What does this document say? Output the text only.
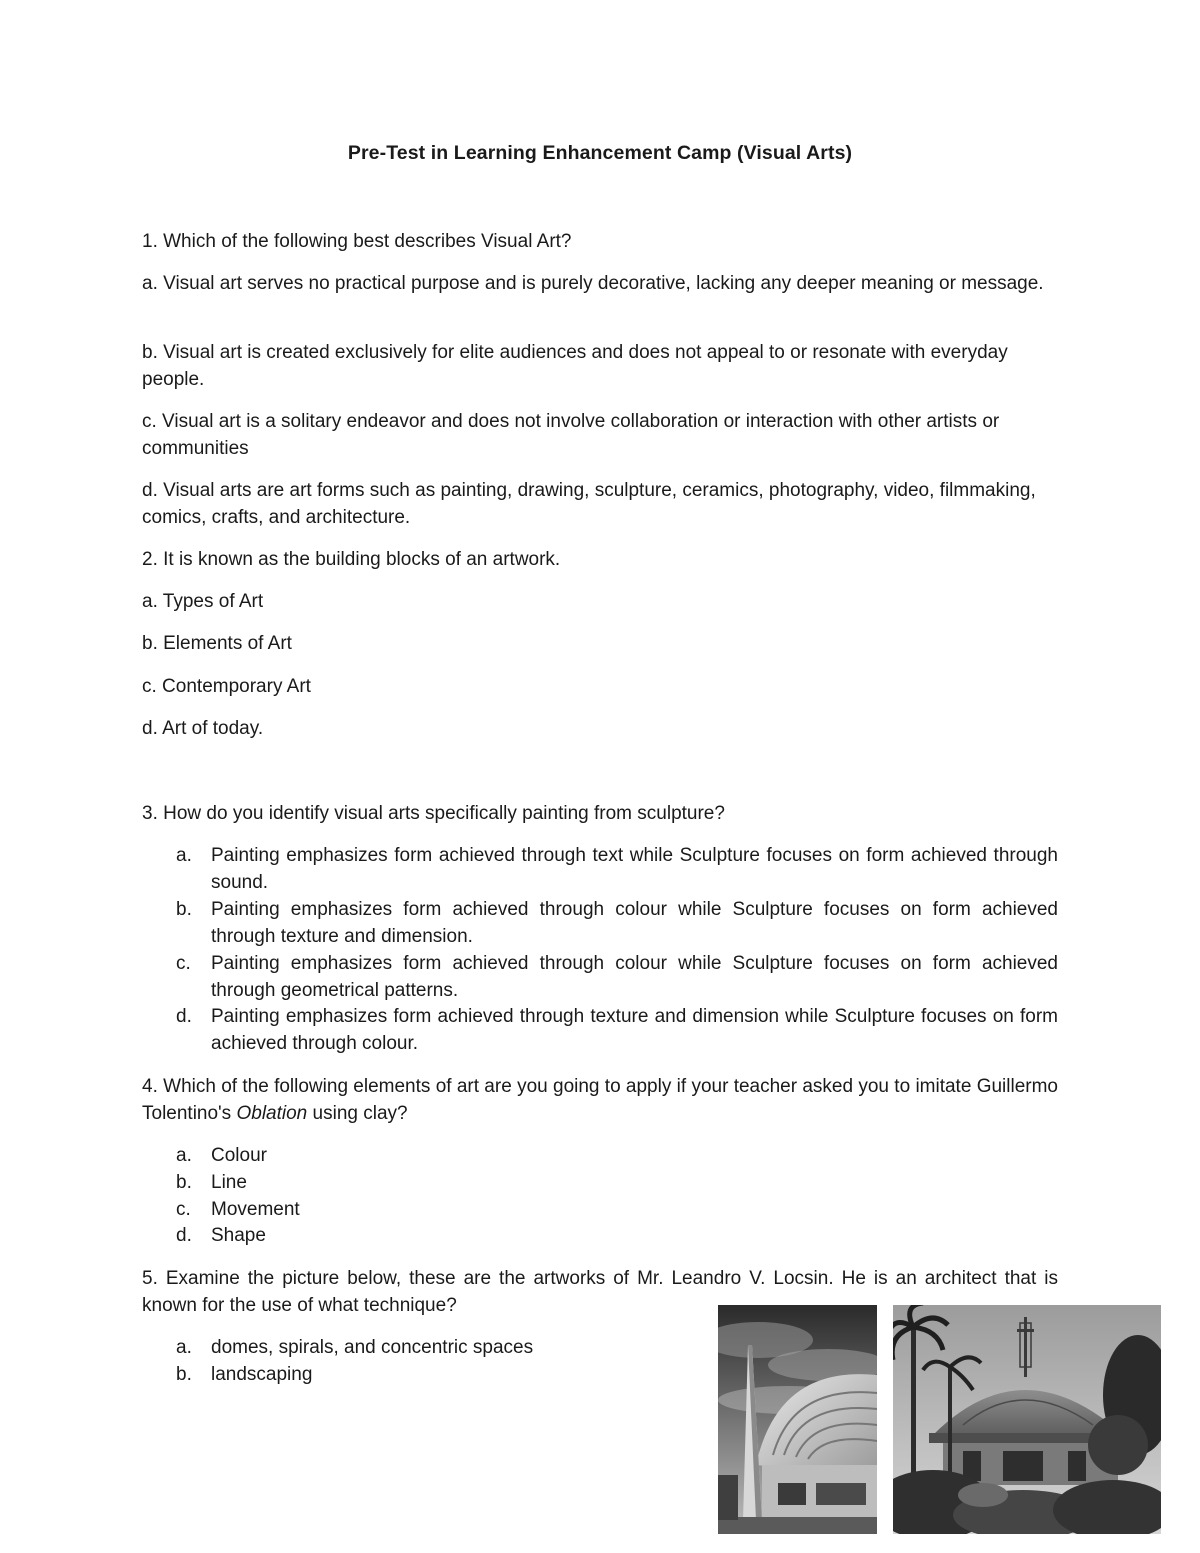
Pre-Test in Learning Enhancement Camp (Visual Arts)
1. Which of the following best describes Visual Art?
a. Visual art serves no practical purpose and is purely decorative, lacking any deeper meaning or message.
b. Visual art is created exclusively for elite audiences and does not appeal to or resonate with everyday people.
c. Visual art is a solitary endeavor and does not involve collaboration or interaction with other artists or communities
d. Visual arts are art forms such as painting, drawing, sculpture, ceramics, photography, video, filmmaking, comics, crafts, and architecture.
2. It is known as the building blocks of an artwork.
a. Types of Art
b. Elements of Art
c. Contemporary Art
d. Art of today.
3. How do you identify visual arts specifically painting from sculpture?
a. Painting emphasizes form achieved through text while Sculpture focuses on form achieved through sound.
b. Painting emphasizes form achieved through colour while Sculpture focuses on form achieved through texture and dimension.
c. Painting emphasizes form achieved through colour while Sculpture focuses on form achieved through geometrical patterns.
d. Painting emphasizes form achieved through texture and dimension while Sculpture focuses on form achieved through colour.
4. Which of the following elements of art are you going to apply if your teacher asked you to imitate Guillermo Tolentino's Oblation using clay?
a. Colour
b. Line
c. Movement
d. Shape
5. Examine the picture below, these are the artworks of Mr. Leandro V. Locsin. He is an architect that is known for the use of what technique?
a. domes, spirals, and concentric spaces
b. landscaping
